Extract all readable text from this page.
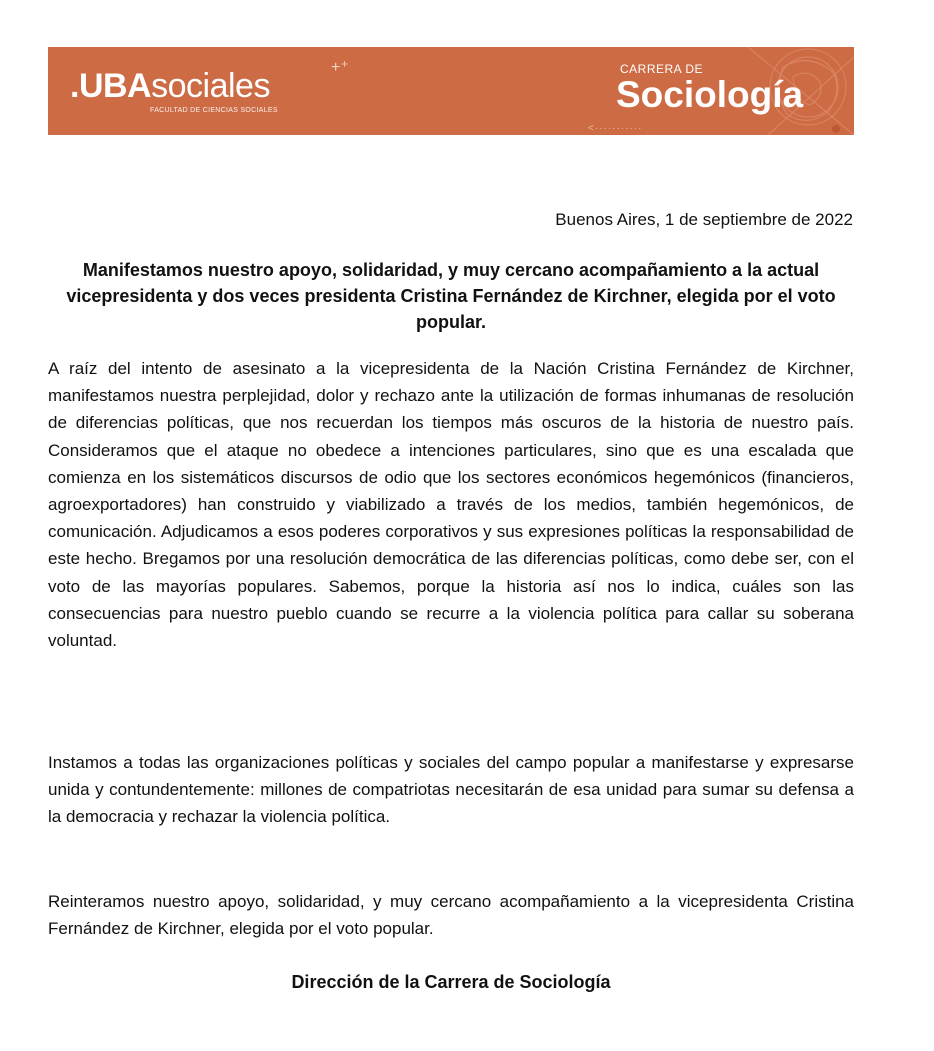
.UBAsociales
FACULTAD DE CIENCIAS SOCIALES
+⁺	CARRERA DE
Sociología
<···········
Buenos Aires, 1 de septiembre de 2022
Manifestamos nuestro apoyo, solidaridad, y muy cercano acompañamiento a la actual vicepresidenta y dos veces presidenta Cristina Fernández de Kirchner, elegida por el voto popular.

A raíz del intento de asesinato a la vicepresidenta de la Nación Cristina Fernández de Kirchner, manifestamos nuestra perplejidad, dolor y rechazo ante la utilización de formas inhumanas de resolución de diferencias políticas, que nos recuerdan los tiempos más oscuros de la historia de nuestro país. Consideramos que el ataque no obedece a intenciones particulares, sino que es una escalada que comienza en los sistemáticos discursos de odio que los sectores económicos hegemónicos (financieros, agroexportadores) han construido y viabilizado a través de los medios, también hegemónicos, de comunicación. Adjudicamos a esos poderes corporativos y sus expresiones políticas la responsabilidad de este hecho. Bregamos por una resolución democrática de las diferencias políticas, como debe ser, con el voto de las mayorías populares. Sabemos, porque la historia así nos lo indica, cuáles son las consecuencias para nuestro pueblo cuando se recurre a la violencia política para callar su soberana voluntad.

Instamos a todas las organizaciones políticas y sociales del campo popular a manifestarse y expresarse unida y contundentemente: millones de compatriotas necesitarán de esa unidad para sumar su defensa a la democracia y rechazar la violencia política.

Reinteramos nuestro apoyo, solidaridad, y muy cercano acompañamiento a la vicepresidenta Cristina Fernández de Kirchner, elegida por el voto popular.

Dirección de la Carrera de Sociología
